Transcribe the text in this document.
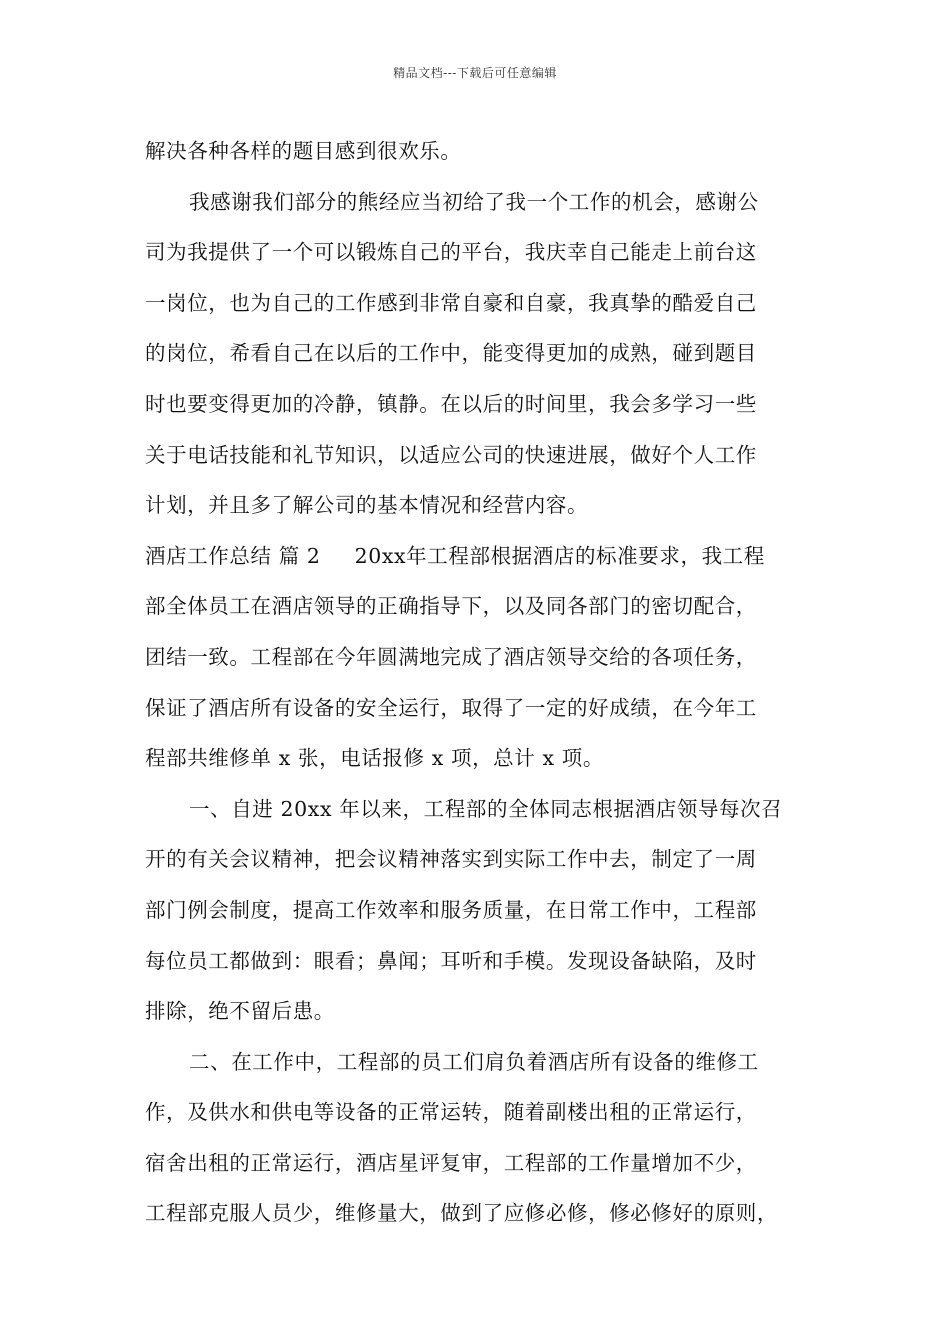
精品文档---下载后可任意编辑
解决各种各样的题目感到很欢乐。
我感谢我们部分的熊经应当初给了我一个工作的机会，感谢公
司为我提供了一个可以锻炼自己的平台，我庆幸自己能走上前台这
一岗位，也为自己的工作感到非常自豪和自豪，我真挚的酷爱自己
的岗位，希看自己在以后的工作中，能变得更加的成熟，碰到题目
时也要变得更加的冷静，镇静。在以后的时间里，我会多学习一些
关于电话技能和礼节知识，以适应公司的快速进展，做好个人工作
计划，并且多了解公司的基本情况和经营内容。
酒店工作总结 篇 2 20xx年工程部根据酒店的标准要求，我工程
部全体员工在酒店领导的正确指导下，以及同各部门的密切配合，
团结一致。工程部在今年圆满地完成了酒店领导交给的各项任务，
保证了酒店所有设备的安全运行，取得了一定的好成绩，在今年工
程部共维修单 x 张，电话报修 x 项，总计 x 项。
一、自进 20xx 年以来，工程部的全体同志根据酒店领导每次召
开的有关会议精神，把会议精神落实到实际工作中去，制定了一周
部门例会制度，提高工作效率和服务质量，在日常工作中，工程部
每位员工都做到：眼看；鼻闻；耳听和手模。发现设备缺陷，及时
排除，绝不留后患。
二、在工作中，工程部的员工们肩负着酒店所有设备的维修工
作，及供水和供电等设备的正常运转，随着副楼出租的正常运行，
宿舍出租的正常运行，酒店星评复审，工程部的工作量增加不少，
工程部克服人员少，维修量大，做到了应修必修，修必修好的原则，
